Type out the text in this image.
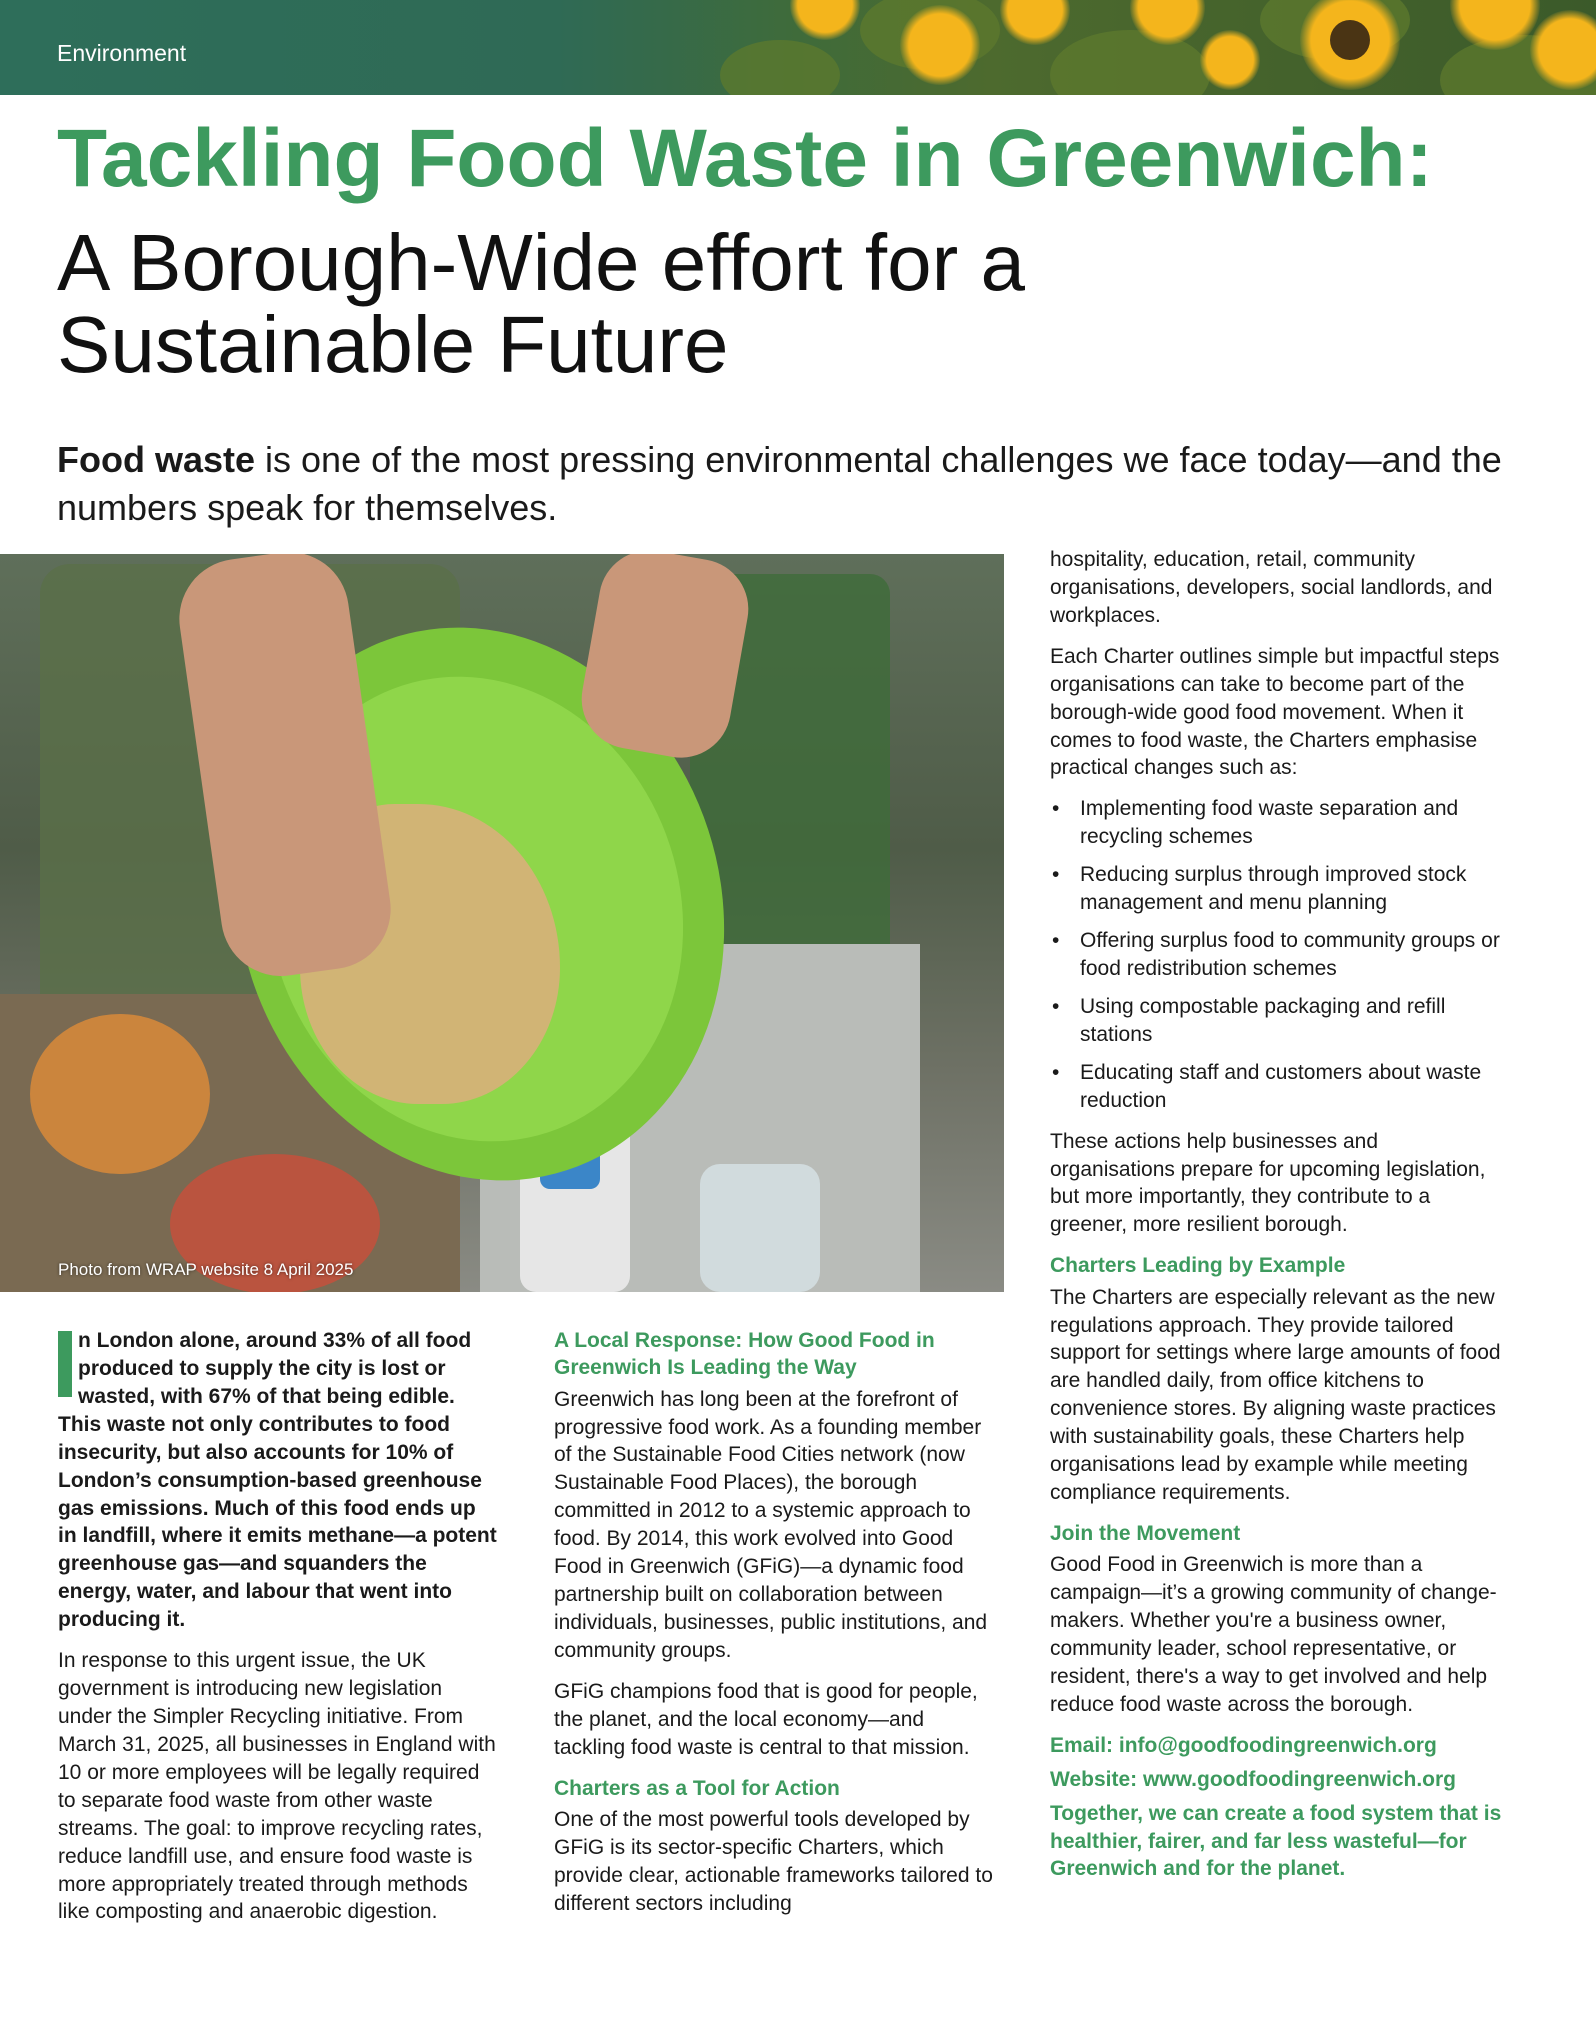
Environment
Tackling Food Waste in Greenwich:
A Borough-Wide effort for a Sustainable Future
Food waste is one of the most pressing environmental challenges we face today—and the numbers speak for themselves.
Photo from WRAP website 8 April 2025

n London alone, around 33% of all food produced to supply the city is lost or wasted, with 67% of that being edible. This waste not only contributes to food insecurity, but also accounts for 10% of London’s consumption-based greenhouse gas emissions. Much of this food ends up in landfill, where it emits methane—a potent greenhouse gas—and squanders the energy, water, and labour that went into producing it.

In response to this urgent issue, the UK government is introducing new legislation under the Simpler Recycling initiative. From March 31, 2025, all businesses in England with 10 or more employees will be legally required to separate food waste from other waste streams. The goal: to improve recycling rates, reduce landfill use, and ensure food waste is more appropriately treated through methods like composting and anaerobic digestion.

A Local Response: How Good Food in Greenwich Is Leading the Way

Greenwich has long been at the forefront of progressive food work. As a founding member of the Sustainable Food Cities network (now Sustainable Food Places), the borough committed in 2012 to a systemic approach to food. By 2014, this work evolved into Good Food in Greenwich (GFiG)—a dynamic food partnership built on collaboration between individuals, businesses, public institutions, and community groups.

GFiG champions food that is good for people, the planet, and the local economy—and tackling food waste is central to that mission.

Charters as a Tool for Action

One of the most powerful tools developed by GFiG is its sector-specific Charters, which provide clear, actionable frameworks tailored to different sectors including

hospitality, education, retail, community organisations, developers, social landlords, and workplaces.

Each Charter outlines simple but impactful steps organisations can take to become part of the borough-wide good food movement. When it comes to food waste, the Charters emphasise practical changes such as:

• Implementing food waste separation and recycling schemes
• Reducing surplus through improved stock management and menu planning
• Offering surplus food to community groups or food redistribution schemes
• Using compostable packaging and refill stations
• Educating staff and customers about waste reduction

These actions help businesses and organisations prepare for upcoming legislation, but more importantly, they contribute to a greener, more resilient borough.

Charters Leading by Example

The Charters are especially relevant as the new regulations approach. They provide tailored support for settings where large amounts of food are handled daily, from office kitchens to convenience stores. By aligning waste practices with sustainability goals, these Charters help organisations lead by example while meeting compliance requirements.

Join the Movement

Good Food in Greenwich is more than a campaign—it’s a growing community of change-makers. Whether you're a business owner, community leader, school representative, or resident, there's a way to get involved and help reduce food waste across the borough.

Email: info@goodfoodingreenwich.org

Website: www.goodfoodingreenwich.org

Together, we can create a food system that is healthier, fairer, and far less wasteful—for Greenwich and for the planet.
